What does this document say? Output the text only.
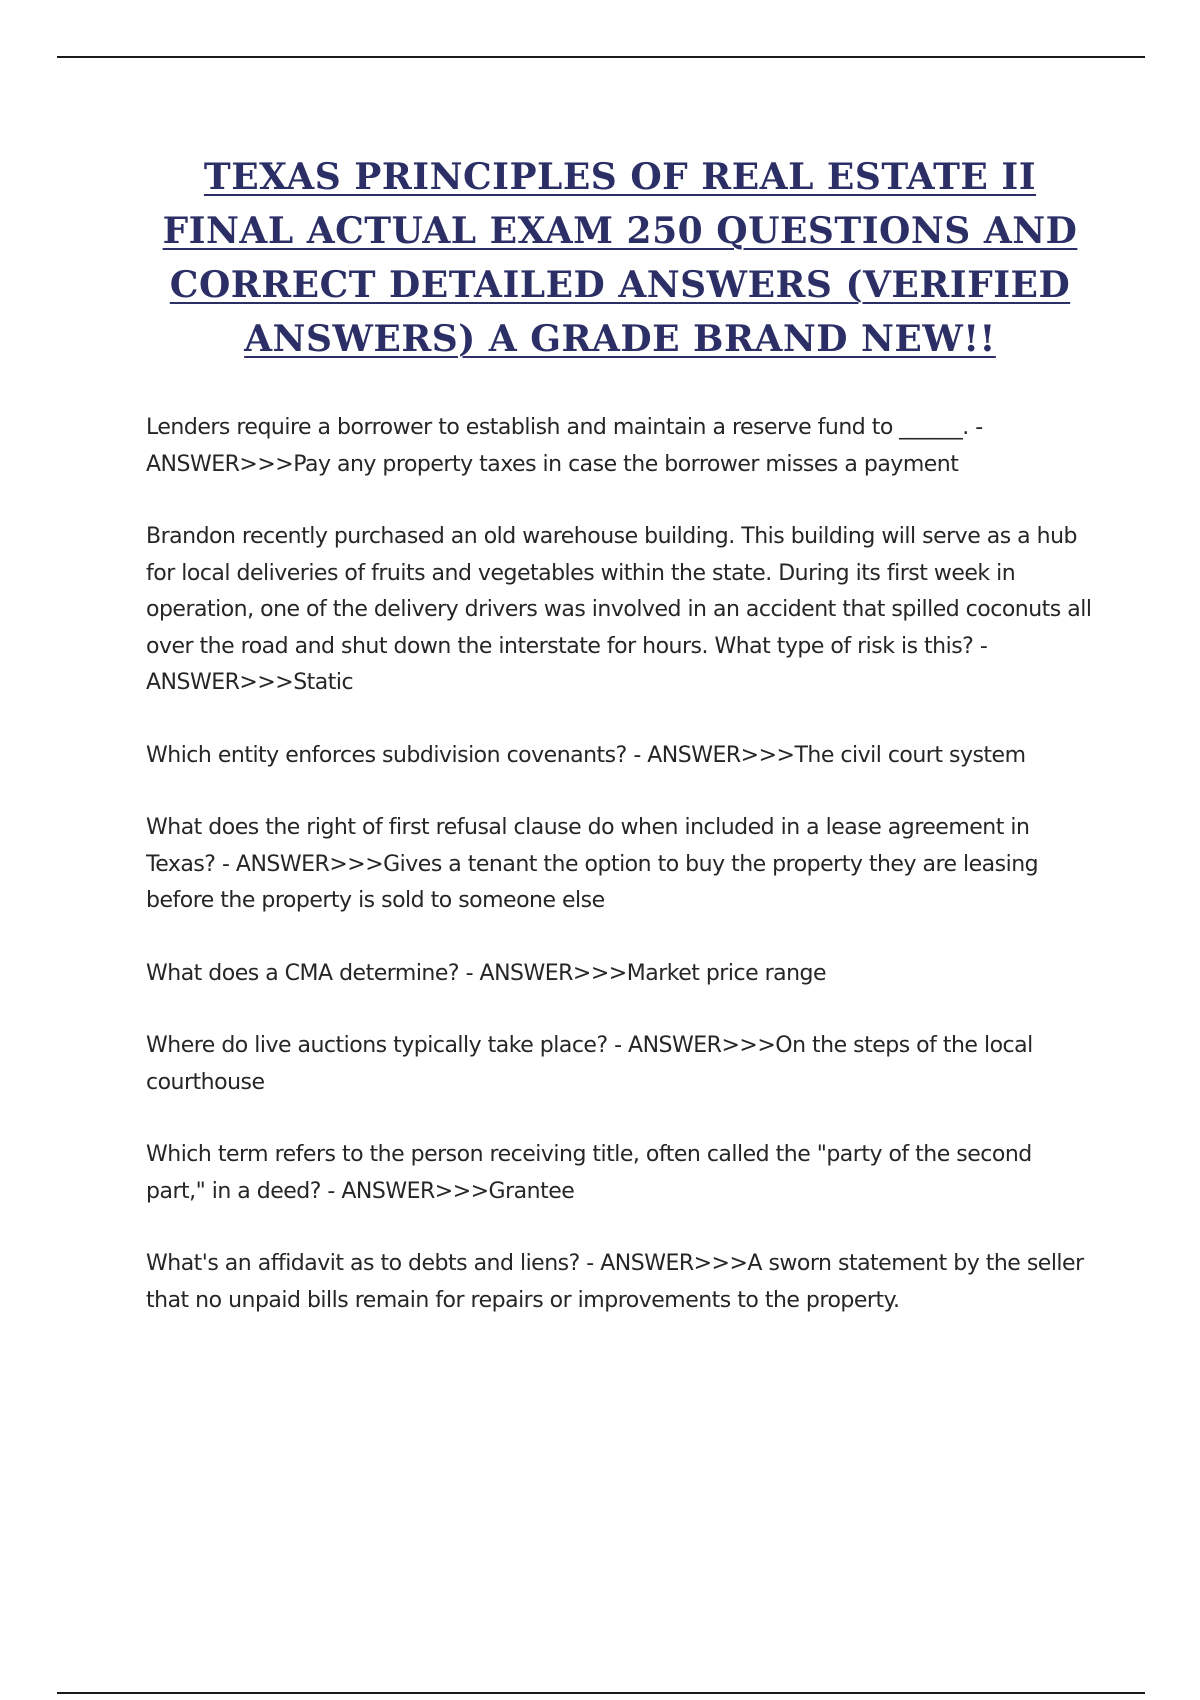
TEXAS PRINCIPLES OF REAL ESTATE II FINAL ACTUAL EXAM 250 QUESTIONS AND CORRECT DETAILED ANSWERS (VERIFIED ANSWERS) A GRADE BRAND NEW!!

Lenders require a borrower to establish and maintain a reserve fund to ______. - ANSWER>>>Pay any property taxes in case the borrower misses a payment

Brandon recently purchased an old warehouse building. This building will serve as a hub for local deliveries of fruits and vegetables within the state. During its first week in operation, one of the delivery drivers was involved in an accident that spilled coconuts all over the road and shut down the interstate for hours. What type of risk is this? - ANSWER>>>Static

Which entity enforces subdivision covenants? - ANSWER>>>The civil court system

What does the right of first refusal clause do when included in a lease agreement in Texas? - ANSWER>>>Gives a tenant the option to buy the property they are leasing before the property is sold to someone else

What does a CMA determine? - ANSWER>>>Market price range

Where do live auctions typically take place? - ANSWER>>>On the steps of the local courthouse

Which term refers to the person receiving title, often called the "party of the second part," in a deed? - ANSWER>>>Grantee

What's an affidavit as to debts and liens? - ANSWER>>>A sworn statement by the seller that no unpaid bills remain for repairs or improvements to the property.
